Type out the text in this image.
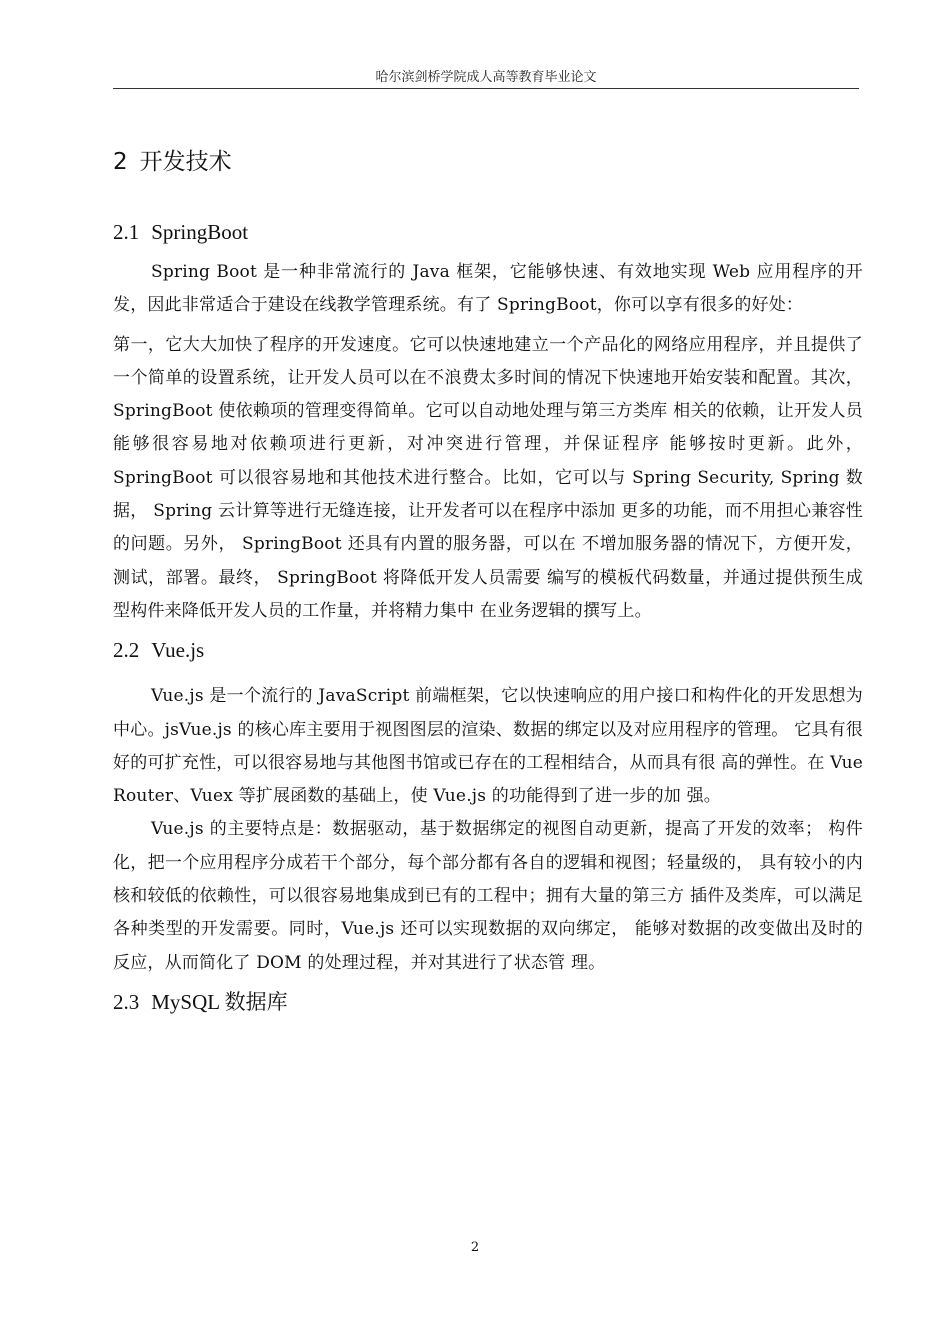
哈尔滨剑桥学院成人高等教育毕业论文
2 开发技术
2.1 SpringBoot

Spring Boot 是一种非常流行的 Java 框架，它能够快速、有效地实现 Web 应用程序的开发，因此非常适合于建设在线教学管理系统。有了 SpringBoot，你可以享有很多的好处：

第一，它大大加快了程序的开发速度。它可以快速地建立一个产品化的网络应用程序，并且提供了一个简单的设置系统，让开发人员可以在不浪费太多时间的情况下快速地开始安装和配置。其次， SpringBoot 使依赖项的管理变得简单。它可以自动地处理与第三方类库 相关的依赖，让开发人员能够很容易地对依赖项进行更新，对冲突进行管理，并保证程序 能够按时更新。此外， SpringBoot 可以很容易地和其他技术进行整合。比如，它可以与 Spring Security, Spring 数据， Spring 云计算等进行无缝连接，让开发者可以在程序中添加 更多的功能，而不用担心兼容性的问题。另外， SpringBoot 还具有内置的服务器，可以在 不增加服务器的情况下，方便开发，测试，部署。最终， SpringBoot 将降低开发人员需要 编写的模板代码数量，并通过提供预生成型构件来降低开发人员的工作量，并将精力集中 在业务逻辑的撰写上。

2.2 Vue.js

Vue.js 是一个流行的 JavaScript 前端框架，它以快速响应的用户接口和构件化的开发思想为中心。jsVue.js 的核心库主要用于视图图层的渲染、数据的绑定以及对应用程序的管理。 它具有很好的可扩充性，可以很容易地与其他图书馆或已存在的工程相结合，从而具有很 高的弹性。在 Vue Router、Vuex 等扩展函数的基础上，使 Vue.js 的功能得到了进一步的加 强。

Vue.js 的主要特点是：数据驱动，基于数据绑定的视图自动更新，提高了开发的效率； 构件化，把一个应用程序分成若干个部分，每个部分都有各自的逻辑和视图；轻量级的， 具有较小的内核和较低的依赖性，可以很容易地集成到已有的工程中；拥有大量的第三方 插件及类库，可以满足各种类型的开发需要。同时，Vue.js 还可以实现数据的双向绑定， 能够对数据的改变做出及时的反应，从而简化了 DOM 的处理过程，并对其进行了状态管 理。

2.3 MySQL 数据库
2
